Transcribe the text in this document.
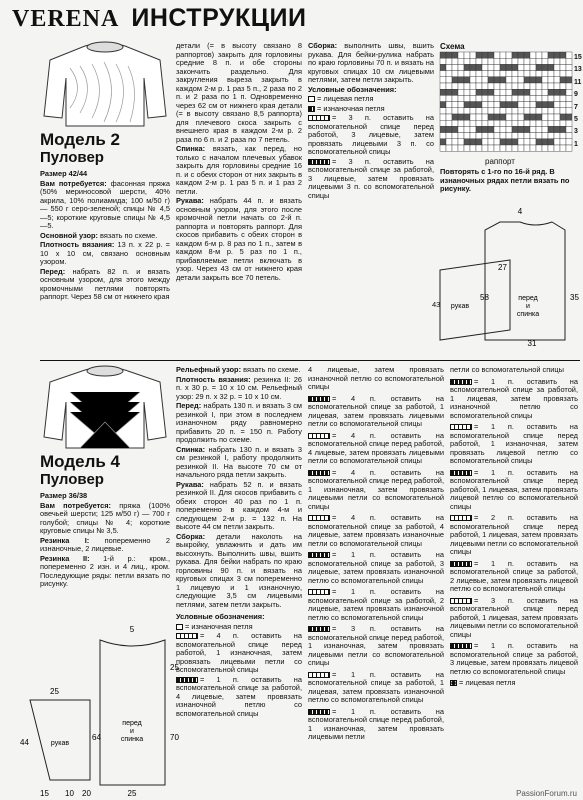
VERENA ИНСТРУКЦИИ
Модель 2
Пуловер

Размер 42/44

Вам потребуется: фасонная пряжа (50% мериносовой шерсти, 40% акрила, 10% полиамида; 100 м/50 г) — 550 г серо-зеленой; спицы № 4,5—5; короткие круговые спицы № 4,5—5.

Основной узор: вязать по схеме.

Плотность вязания: 13 п. х 22 р. = 10 х 10 см, связано основным узором.

Перед: набрать 82 п. и вязать основным узором, для этого между кромочными петлями повторять раппорт. Через 58 см от нижнего края

детали (= в высоту связано 8 раппортов) закрыть для горловины средние 8 п. и обе стороны закончить раздельно. Для закругления выреза закрыть в каждом 2-м р. 1 раз 5 п., 2 раза по 2 п. и 2 раза по 1 п. Одновременно через 62 см от нижнего края детали (= в высоту связано 8,5 раппорта) для плечевого скоса закрыть с внешнего края в каждом 2-м р. 2 раза по 6 п. и 2 раза по 7 петель.

Спинка: вязать, как перед, но только с началом плечевых убавок закрыть для горловины средние 16 п. и с обеих сторон от них закрыть в каждом 2-м р. 1 раз 5 п. и 1 раз 2 петли.

Рукава: набрать 44 п. и вязать основным узором, для этого после кромочной петли начать со 2-й п. раппорта и повторять раппорт. Для скосов прибавить с обеих сторон в каждом 6-м р. 8 раз по 1 п., затем в каждом 8-м р. 5 раз по 1 п., прибавляемые петли включать в узор. Через 43 см от нижнего края детали закрыть все 70 петель.

Сборка: выполнить швы, вшить рукава. Для бейки-рулика набрать по краю горловины 70 п. и вязать на круговых спицах 10 см лицевыми петлями, затем петли закрыть.

Условные обозначения:

= лицевая петля

= изнаночная петля

= 3 п. оставить на вспомогательной спице перед работой, 3 лицевые, затем провязать лицевыми 3 п. со вспомогательной спицы

= 3 п. оставить на вспомогательной спице за работой, 3 лицевые, затем провязать лицевыми 3 п. со вспомогательной спицы

Схема
15
13
11
9
7
5
3
1
раппорт
Повторять с 1-го по 16-й ряд. В изнаночных рядах петли вязать по рисунку.
4
27
35
58	перед
и
спинка
рукав
31
43
Модель 4
Пуловер

Размер 36/38

Вам потребуется: пряжа (100% овечьей шерсти; 125 м/50 г) — 700 г голубой; спицы № 4; короткие круговые спицы № 3,5.

Резинка I: попеременно 2 изнаночные, 2 лицевые.

Резинка II: 1-й р.: кром., попеременно 2 изн. и 4 лиц., кром. Последующие ряды: петли вязать по рисунку.

5
25
25
70
64
44
перед
и
спинка
рукав
25
15 10 20

Рельефный узор: вязать по схеме.

Плотность вязания: резинка II: 26 п. х 30 р. = 10 х 10 см. Рельефный узор: 29 п. х 32 р. = 10 х 10 см.

Перед: набрать 130 п. и вязать 3 см резинкой I, при этом в последнем изнаночном ряду равномерно прибавить 20 п. = 150 п. Работу продолжить по схеме.

Спинка: набрать 130 п. и вязать 3 см резинкой I, работу продолжить резинкой II. На высоте 70 см от начального ряда петли закрыть.

Рукава: набрать 52 п. и вязать резинкой II. Для скосов прибавить с обеих сторон 40 раз по 1 п. попеременно в каждом 4-м и следующем 2-м р. = 132 п. На высоте 44 см петли закрыть.

Сборка: детали наколоть на выкройку, увлажнить и дать им высохнуть. Выполнить швы, вшить рукава. Для бейки набрать по краю горловины 90 п. и вязать на круговых спицах 3 см попеременно 1 лицевую и 1 изнаночную, следующие 3,5 см лицевыми петлями, затем петли закрыть.

Условные обозначения:

= изнаночная петля

= 4 п. оставить на вспомогательной спице перед работой, 1 изнаночная, затем провязать лицевыми петли со вспомогательной спицы

= 1 п. оставить на вспомогательной спице за работой, 4 лицевые, затем провязать изнаночной петлю со вспомогательной спицы

4 лицевые, затем провязать изнаночной петлю со вспомогательной спицы

= 4 п. оставить на вспомогательной спице за работой, 1 лицевая, затем провязать лицевыми петли со вспомогательной спицы

= 4 п. оставить на вспомогательной спице перед работой, 4 лицевые, затем провязать лицевыми петли со вспомогательной спицы

= 4 п. оставить на вспомогательной спице перед работой, 1 изнаночная, затем провязать лицевыми петли со вспомогательной спицы

= 4 п. оставить на вспомогательной спице за работой, 4 лицевые, затем провязать изнаночные петли со вспомогательной спицы

= 1 п. оставить на вспомогательной спице за работой, 3 лицевые, затем провязать изнаночной петлю со вспомогательной спицы

= 1 п. оставить на вспомогательной спице за работой, 2 лицевые, затем провязать изнаночной петлю со вспомогательной спицы

= 3 п. оставить на вспомогательной спице перед работой, 1 изнаночная, затем провязать лицевыми петли со вспомогательной спицы

= 1 п. оставить на вспомогательной спице за работой, 1 лицевая, затем провязать изнаночной петлю со вспомогательной спицы

= 1 п. оставить на вспомогательной спице перед работой, 1 изнаночная, затем провязать лицевыми петли

петли со вспомогательной спицы

= 1 п. оставить на вспомогательной спице за работой, 1 лицевая, затем провязать изнаночной петлю со вспомогательной спицы

= 1 п. оставить на вспомогательной спице перед работой, 1 изнаночная, затем провязать лицевой петлю со вспомогательной спицы

= 1 п. оставить на вспомогательной спице перед работой, 1 лицевая, затем провязать лицевой петлю со вспомогательной спицы

= 2 п. оставить на вспомогательной спице перед работой, 1 лицевая, затем провязать лицевыми петли со вспомогательной спицы

= 1 п. оставить на вспомогательной спице за работой, 2 лицевые, затем провязать лицевой петлю со вспомогательной спицы

= 3 п. оставить на вспомогательной спице перед работой, 1 лицевая, затем провязать лицевыми петли со вспомогательной спицы

= 1 п. оставить на вспомогательной спице за работой, 3 лицевые, затем провязать лицевой петлю со вспомогательной спицы

= лицевая петля

PassionForum.ru
